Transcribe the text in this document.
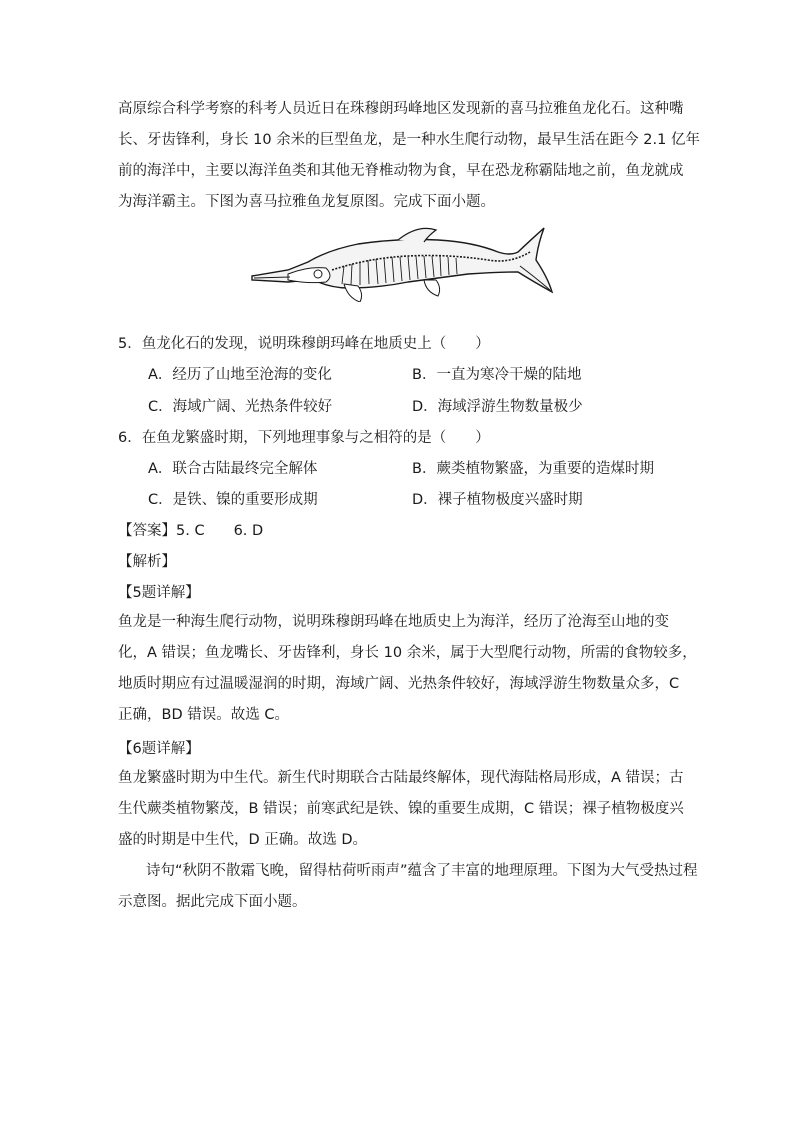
高原综合科学考察的科考人员近日在珠穆朗玛峰地区发现新的喜马拉雅鱼龙化石。这种嘴
长、牙齿锋利，身长 10 余米的巨型鱼龙，是一种水生爬行动物，最早生活在距今 2.1 亿年
前的海洋中，主要以海洋鱼类和其他无脊椎动物为食，早在恐龙称霸陆地之前，鱼龙就成
为海洋霸主。下图为喜马拉雅鱼龙复原图。完成下面小题。
5．鱼龙化石的发现，说明珠穆朗玛峰在地质史上（　　）
A．经历了山地至沧海的变化	B．一直为寒冷干燥的陆地
C．海域广阔、光热条件较好	D．海域浮游生物数量极少
6．在鱼龙繁盛时期，下列地理事象与之相符的是（　　）
A．联合古陆最终完全解体	B．蕨类植物繁盛，为重要的造煤时期
C．是铁、镍的重要形成期	D．裸子植物极度兴盛时期
【答案】5. C　　6. D
【解析】
【5题详解】
鱼龙是一种海生爬行动物，说明珠穆朗玛峰在地质史上为海洋，经历了沧海至山地的变
化，A 错误；鱼龙嘴长、牙齿锋利，身长 10 余米，属于大型爬行动物，所需的食物较多，
地质时期应有过温暖湿润的时期，海域广阔、光热条件较好，海域浮游生物数量众多，C
正确，BD 错误。故选 C。
【6题详解】
鱼龙繁盛时期为中生代。新生代时期联合古陆最终解体，现代海陆格局形成，A 错误；古
生代蕨类植物繁茂，B 错误；前寒武纪是铁、镍的重要生成期，C 错误；裸子植物极度兴
盛的时期是中生代，D 正确。故选 D。
诗句“秋阴不散霜飞晚，留得枯荷听雨声”蕴含了丰富的地理原理。下图为大气受热过程
示意图。据此完成下面小题。
